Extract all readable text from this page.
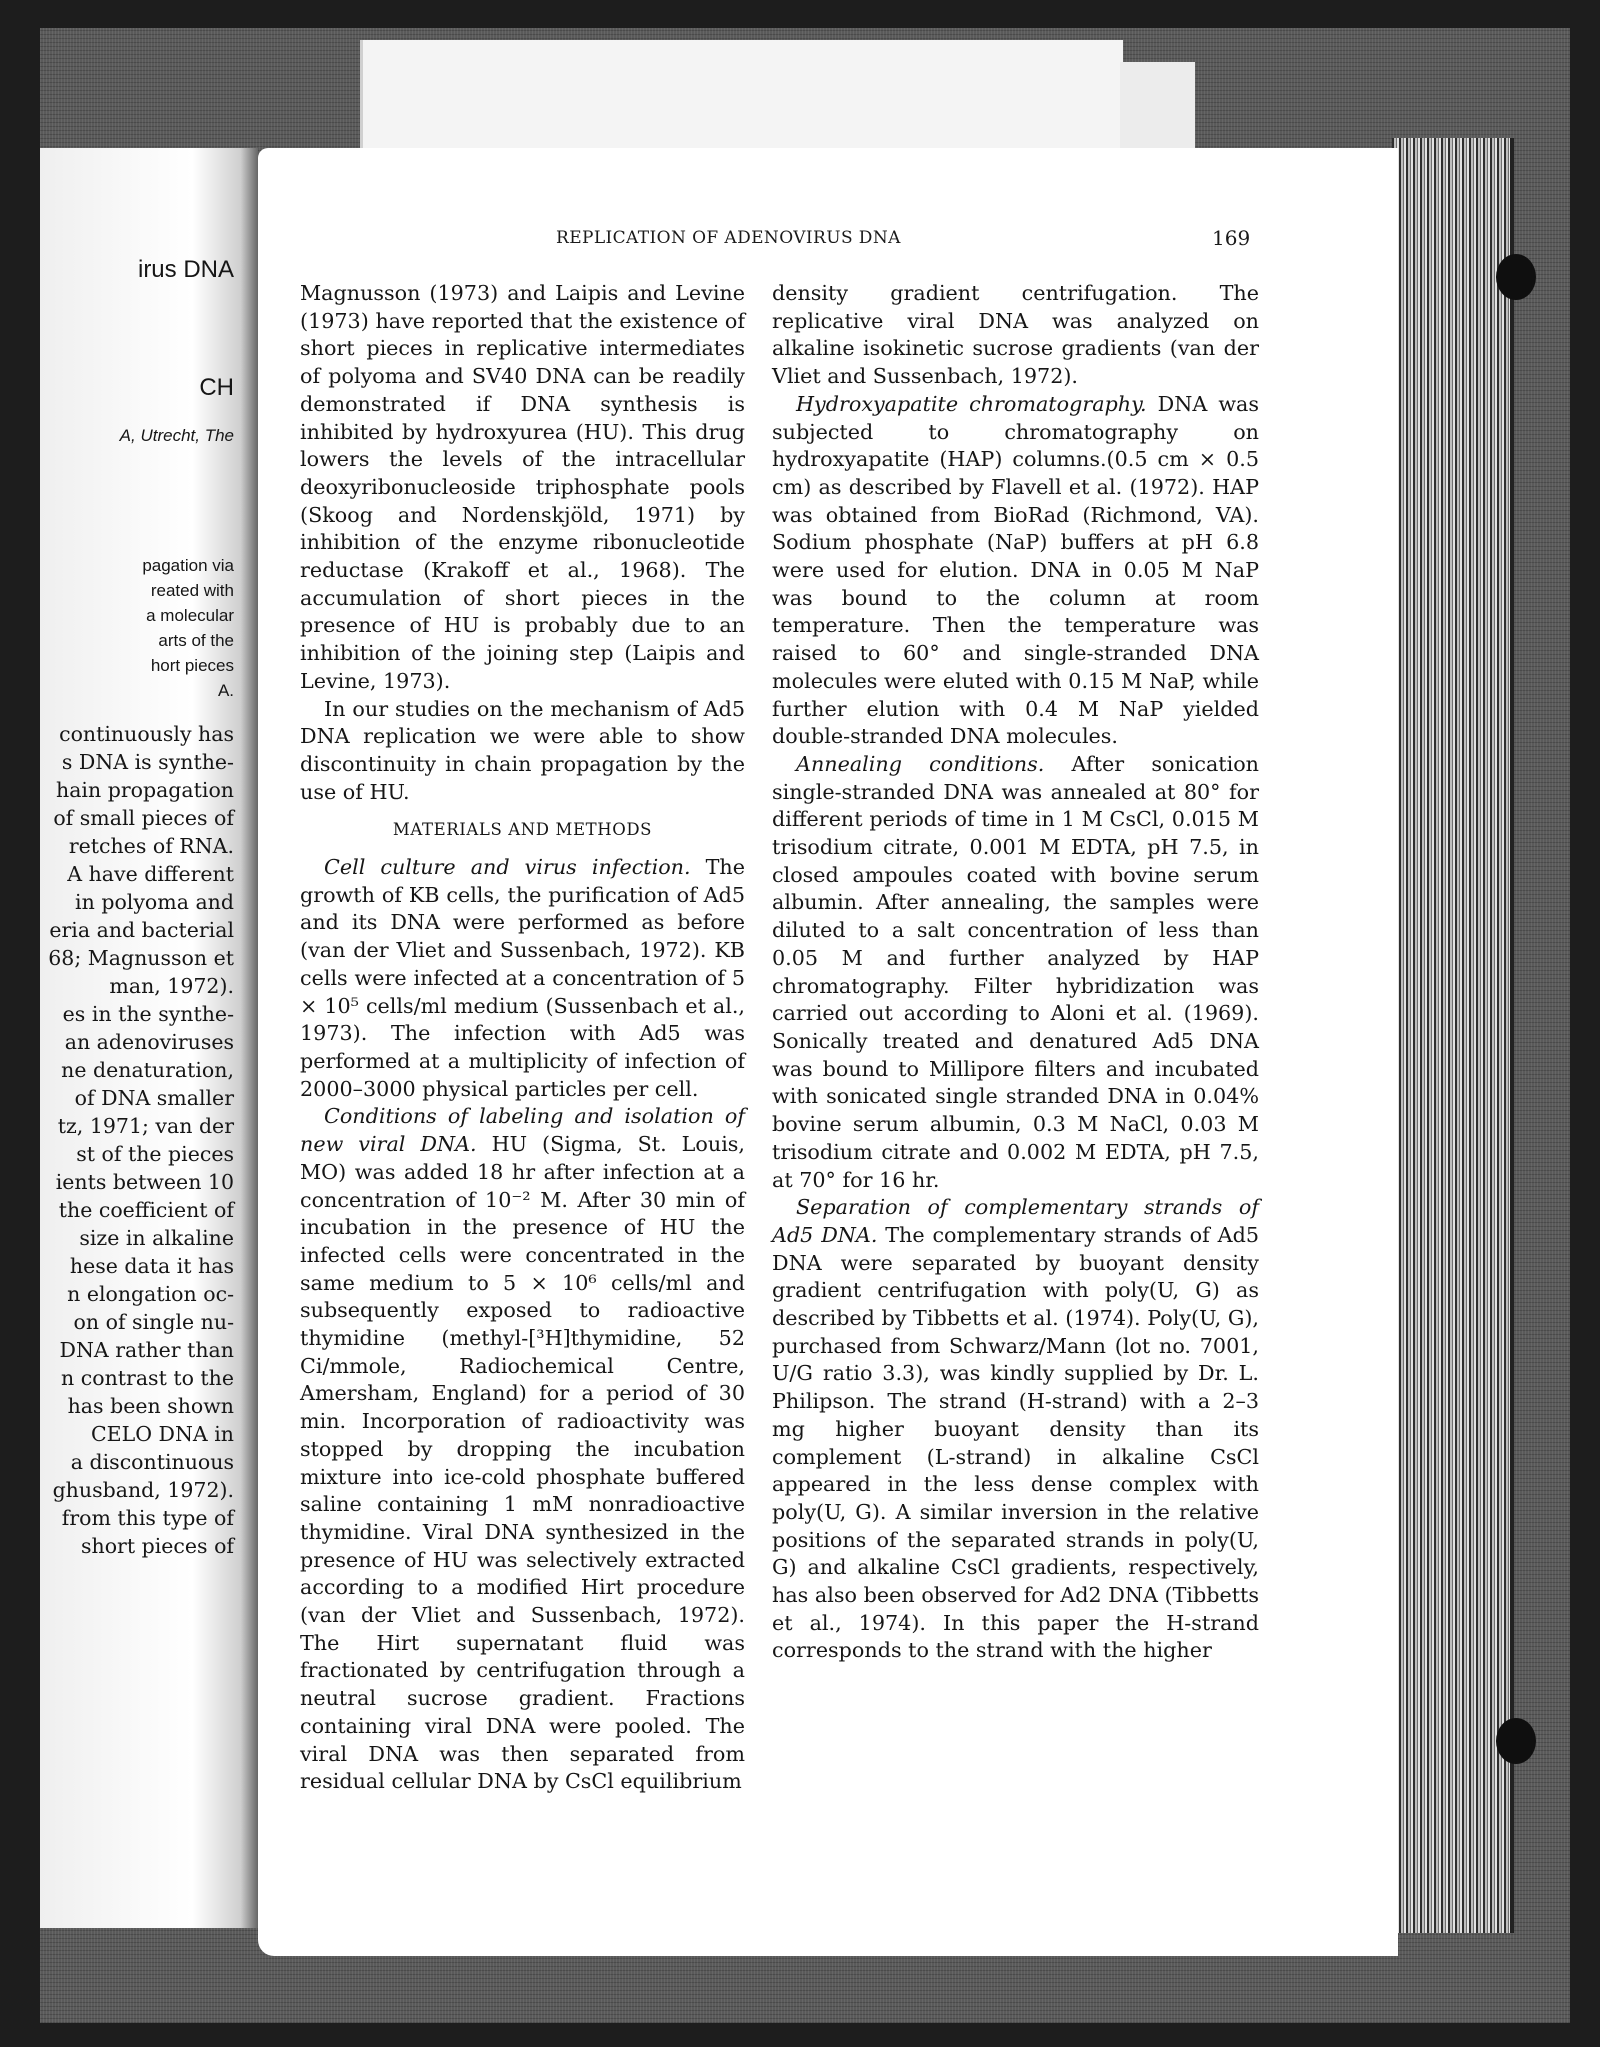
irus DNA
CH
A, Utrecht, The
pagation via
reated with
a molecular
arts of the
hort pieces
A.
continuously has
s DNA is synthe-
hain propagation
of small pieces of
retches of RNA.
A have different
in polyoma and
eria and bacterial
68; Magnusson et
man, 1972).
es in the synthe-
an adenoviruses
ne denaturation,
of DNA smaller
tz, 1971; van der
st of the pieces
ients between 10
the coefficient of
size in alkaline
hese data it has
n elongation oc-
on of single nu-
DNA rather than
n contrast to the
has been shown
CELO DNA in
a discontinuous
ghusband, 1972).
from this type of
short pieces of
REPLICATION OF ADENOVIRUS DNA	169

Magnusson (1973) and Laipis and Levine (1973) have reported that the existence of short pieces in replicative intermediates of polyoma and SV40 DNA can be readily demonstrated if DNA synthesis is inhibited by hydroxyurea (HU). This drug lowers the levels of the intracellular deoxyribonucleoside triphosphate pools (Skoog and Nordenskjöld, 1971) by inhibition of the enzyme ribonucleotide reductase (Krakoff et al., 1968). The accumulation of short pieces in the presence of HU is probably due to an inhibition of the joining step (Laipis and Levine, 1973).

In our studies on the mechanism of Ad5 DNA replication we were able to show discontinuity in chain propagation by the use of HU.

MATERIALS AND METHODS

Cell culture and virus infection. The growth of KB cells, the purification of Ad5 and its DNA were performed as before (van der Vliet and Sussenbach, 1972). KB cells were infected at a concentration of 5 × 10⁵ cells/ml medium (Sussenbach et al., 1973). The infection with Ad5 was performed at a multiplicity of infection of 2000–3000 physical particles per cell.

Conditions of labeling and isolation of new viral DNA. HU (Sigma, St. Louis, MO) was added 18 hr after infection at a concentration of 10⁻² M. After 30 min of incubation in the presence of HU the infected cells were concentrated in the same medium to 5 × 10⁶ cells/ml and subsequently exposed to radioactive thymidine (methyl-[³H]thymidine, 52 Ci/mmole, Radiochemical Centre, Amersham, England) for a period of 30 min. Incorporation of radioactivity was stopped by dropping the incubation mixture into ice-cold phosphate buffered saline containing 1 mM nonradioactive thymidine. Viral DNA synthesized in the presence of HU was selectively extracted according to a modified Hirt procedure (van der Vliet and Sussenbach, 1972). The Hirt supernatant fluid was fractionated by centrifugation through a neutral sucrose gradient. Fractions containing viral DNA were pooled. The viral DNA was then separated from residual cellular DNA by CsCl equilibrium

density gradient centrifugation. The replicative viral DNA was analyzed on alkaline isokinetic sucrose gradients (van der Vliet and Sussenbach, 1972).

Hydroxyapatite chromatography. DNA was subjected to chromatography on hydroxyapatite (HAP) columns.(0.5 cm × 0.5 cm) as described by Flavell et al. (1972). HAP was obtained from BioRad (Richmond, VA). Sodium phosphate (NaP) buffers at pH 6.8 were used for elution. DNA in 0.05 M NaP was bound to the column at room temperature. Then the temperature was raised to 60° and single-stranded DNA molecules were eluted with 0.15 M NaP, while further elution with 0.4 M NaP yielded double-stranded DNA molecules.

Annealing conditions. After sonication single-stranded DNA was annealed at 80° for different periods of time in 1 M CsCl, 0.015 M trisodium citrate, 0.001 M EDTA, pH 7.5, in closed ampoules coated with bovine serum albumin. After annealing, the samples were diluted to a salt concentration of less than 0.05 M and further analyzed by HAP chromatography. Filter hybridization was carried out according to Aloni et al. (1969). Sonically treated and denatured Ad5 DNA was bound to Millipore filters and incubated with sonicated single stranded DNA in 0.04% bovine serum albumin, 0.3 M NaCl, 0.03 M trisodium citrate and 0.002 M EDTA, pH 7.5, at 70° for 16 hr.

Separation of complementary strands of Ad5 DNA. The complementary strands of Ad5 DNA were separated by buoyant density gradient centrifugation with poly(U, G) as described by Tibbetts et al. (1974). Poly(U, G), purchased from Schwarz/Mann (lot no. 7001, U/G ratio 3.3), was kindly supplied by Dr. L. Philipson. The strand (H-strand) with a 2–3 mg higher buoyant density than its complement (L-strand) in alkaline CsCl appeared in the less dense complex with poly(U, G). A similar inversion in the relative positions of the separated strands in poly(U, G) and alkaline CsCl gradients, respectively, has also been observed for Ad2 DNA (Tibbetts et al., 1974). In this paper the H-strand corresponds to the strand with the higher
